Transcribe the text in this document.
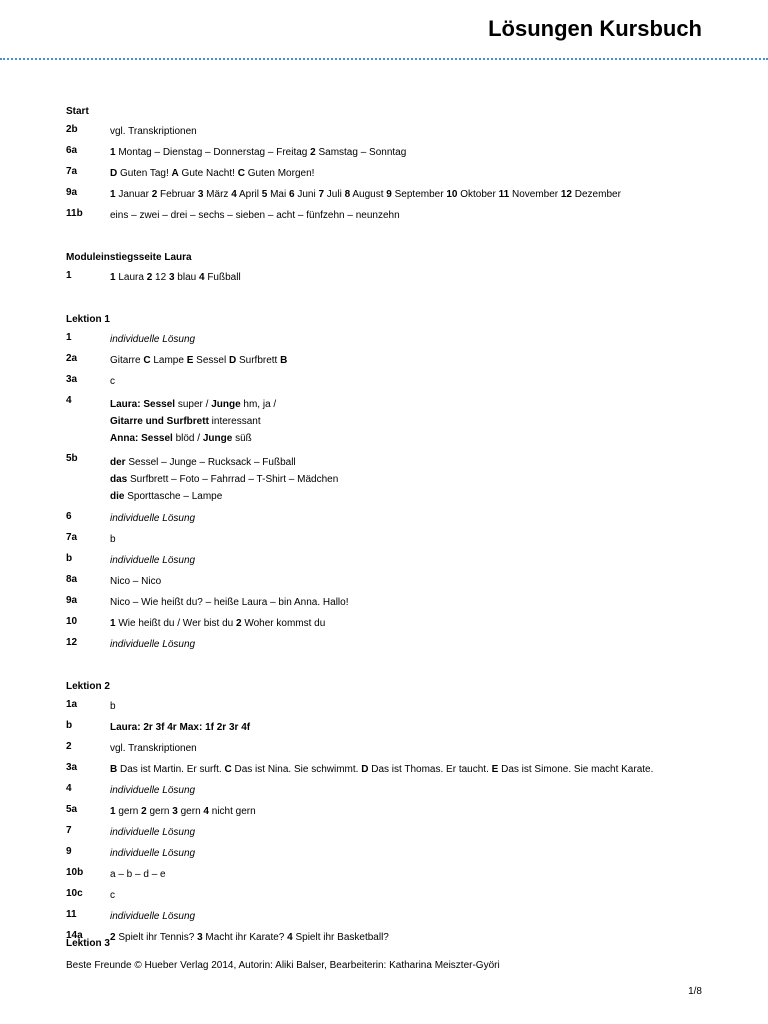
Lösungen Kursbuch
Start
2b	vgl. Transkriptionen
6a	1 Montag – Dienstag – Donnerstag – Freitag 2 Samstag – Sonntag
7a	D Guten Tag! A Gute Nacht! C Guten Morgen!
9a	1 Januar 2 Februar 3 März 4 April 5 Mai 6 Juni 7 Juli 8 August 9 September 10 Oktober 11 November 12 Dezember
11b	eins – zwei – drei – sechs – sieben – acht – fünfzehn – neunzehn
Moduleinstiegsseite Laura
1	1 Laura 2 12 3 blau 4 Fußball
Lektion 1
1	individuelle Lösung
2a	Gitarre C Lampe E Sessel D Surfbrett B
3a	c
4	Laura: Sessel super / Junge hm, ja /
Gitarre und Surfbrett interessant
Anna: Sessel blöd / Junge süß
5b	der Sessel – Junge – Rucksack – Fußball
das Surfbrett – Foto – Fahrrad – T-Shirt – Mädchen
die Sporttasche – Lampe
6	individuelle Lösung
7a	b
b	individuelle Lösung
8a	Nico – Nico
9a	Nico – Wie heißt du? – heiße Laura – bin Anna. Hallo!
10	1 Wie heißt du / Wer bist du 2 Woher kommst du
12	individuelle Lösung
Lektion 2
1a	b
b	Laura: 2r 3f 4r Max: 1f 2r 3r 4f
2	vgl. Transkriptionen
3a	B Das ist Martin. Er surft. C Das ist Nina. Sie schwimmt. D Das ist Thomas. Er taucht. E Das ist Simone. Sie macht Karate.
4	individuelle Lösung
5a	1 gern 2 gern 3 gern 4 nicht gern
7	individuelle Lösung
9	individuelle Lösung
10b	a – b – d – e
10c	c
11	individuelle Lösung
14a	2 Spielt ihr Tennis? 3 Macht ihr Karate? 4 Spielt ihr Basketball?
Lektion 3
Beste Freunde © Hueber Verlag 2014, Autorin: Aliki Balser, Bearbeiterin: Katharina Meiszter-Györi
1/8
